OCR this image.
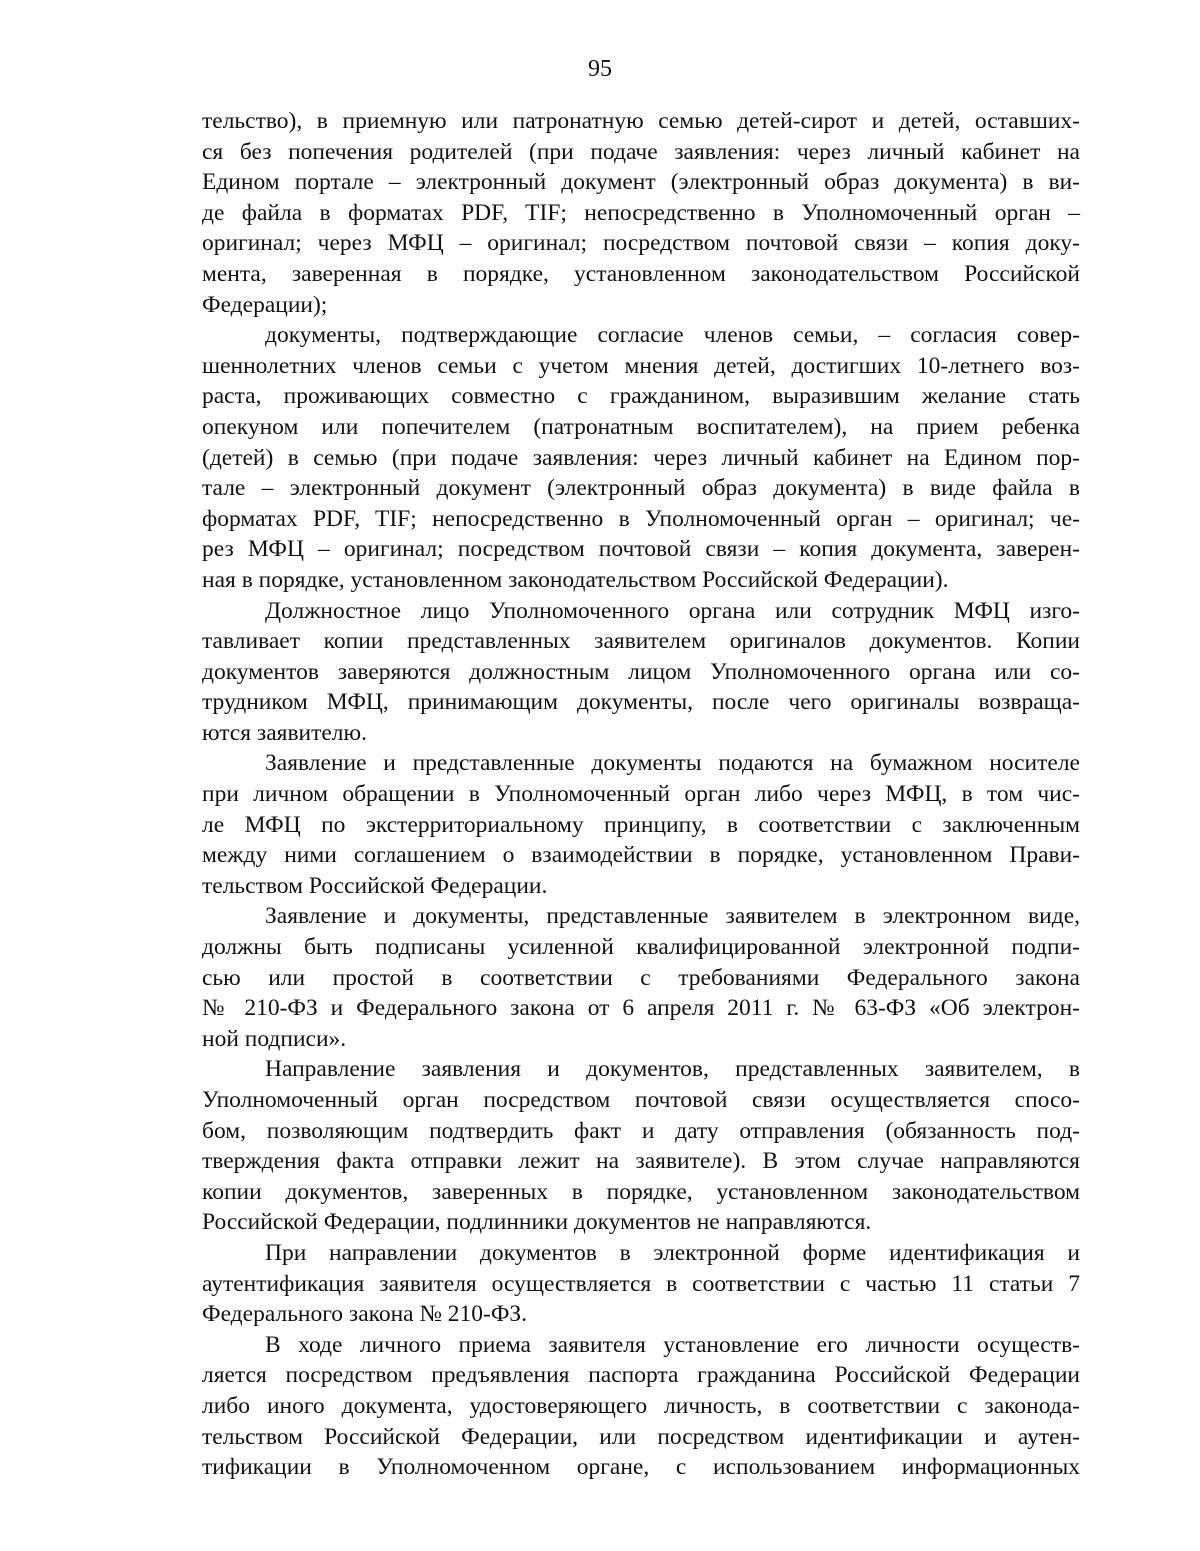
95
тельство), в приемную или патронатную семью детей-сирот и детей, оставших-
ся без попечения родителей (при подаче заявления: через личный кабинет на
Едином портале – электронный документ (электронный образ документа) в ви-
де файла в форматах PDF, TIF; непосредственно в Уполномоченный орган –
оригинал; через МФЦ – оригинал; посредством почтовой связи – копия доку-
мента, заверенная в порядке, установленном законодательством Российской
Федерации);
документы, подтверждающие согласие членов семьи, – согласия совер-
шеннолетних членов семьи с учетом мнения детей, достигших 10-летнего воз-
раста, проживающих совместно с гражданином, выразившим желание стать
опекуном или попечителем (патронатным воспитателем), на прием ребенка
(детей) в семью (при подаче заявления: через личный кабинет на Едином пор-
тале – электронный документ (электронный образ документа) в виде файла в
форматах PDF, TIF; непосредственно в Уполномоченный орган – оригинал; че-
рез МФЦ – оригинал; посредством почтовой связи – копия документа, заверен-
ная в порядке, установленном законодательством Российской Федерации).
Должностное лицо Уполномоченного органа или сотрудник МФЦ изго-
тавливает копии представленных заявителем оригиналов документов. Копии
документов заверяются должностным лицом Уполномоченного органа или со-
трудником МФЦ, принимающим документы, после чего оригиналы возвраща-
ются заявителю.
Заявление и представленные документы подаются на бумажном носителе
при личном обращении в Уполномоченный орган либо через МФЦ, в том чис-
ле МФЦ по экстерриториальному принципу, в соответствии с заключенным
между ними соглашением о взаимодействии в порядке, установленном Прави-
тельством Российской Федерации.
Заявление и документы, представленные заявителем в электронном виде,
должны быть подписаны усиленной квалифицированной электронной подпи-
сью или простой в соответствии с требованиями Федерального закона
№ 210-ФЗ и Федерального закона от 6 апреля 2011 г. № 63-ФЗ «Об электрон-
ной подписи».
Направление заявления и документов, представленных заявителем, в
Уполномоченный орган посредством почтовой связи осуществляется спосо-
бом, позволяющим подтвердить факт и дату отправления (обязанность под-
тверждения факта отправки лежит на заявителе). В этом случае направляются
копии документов, заверенных в порядке, установленном законодательством
Российской Федерации, подлинники документов не направляются.
При направлении документов в электронной форме идентификация и
аутентификация заявителя осуществляется в соответствии с частью 11 статьи 7
Федерального закона № 210-ФЗ.
В ходе личного приема заявителя установление его личности осуществ-
ляется посредством предъявления паспорта гражданина Российской Федерации
либо иного документа, удостоверяющего личность, в соответствии с законода-
тельством Российской Федерации, или посредством идентификации и аутен-
тификации в Уполномоченном органе, с использованием информационных
